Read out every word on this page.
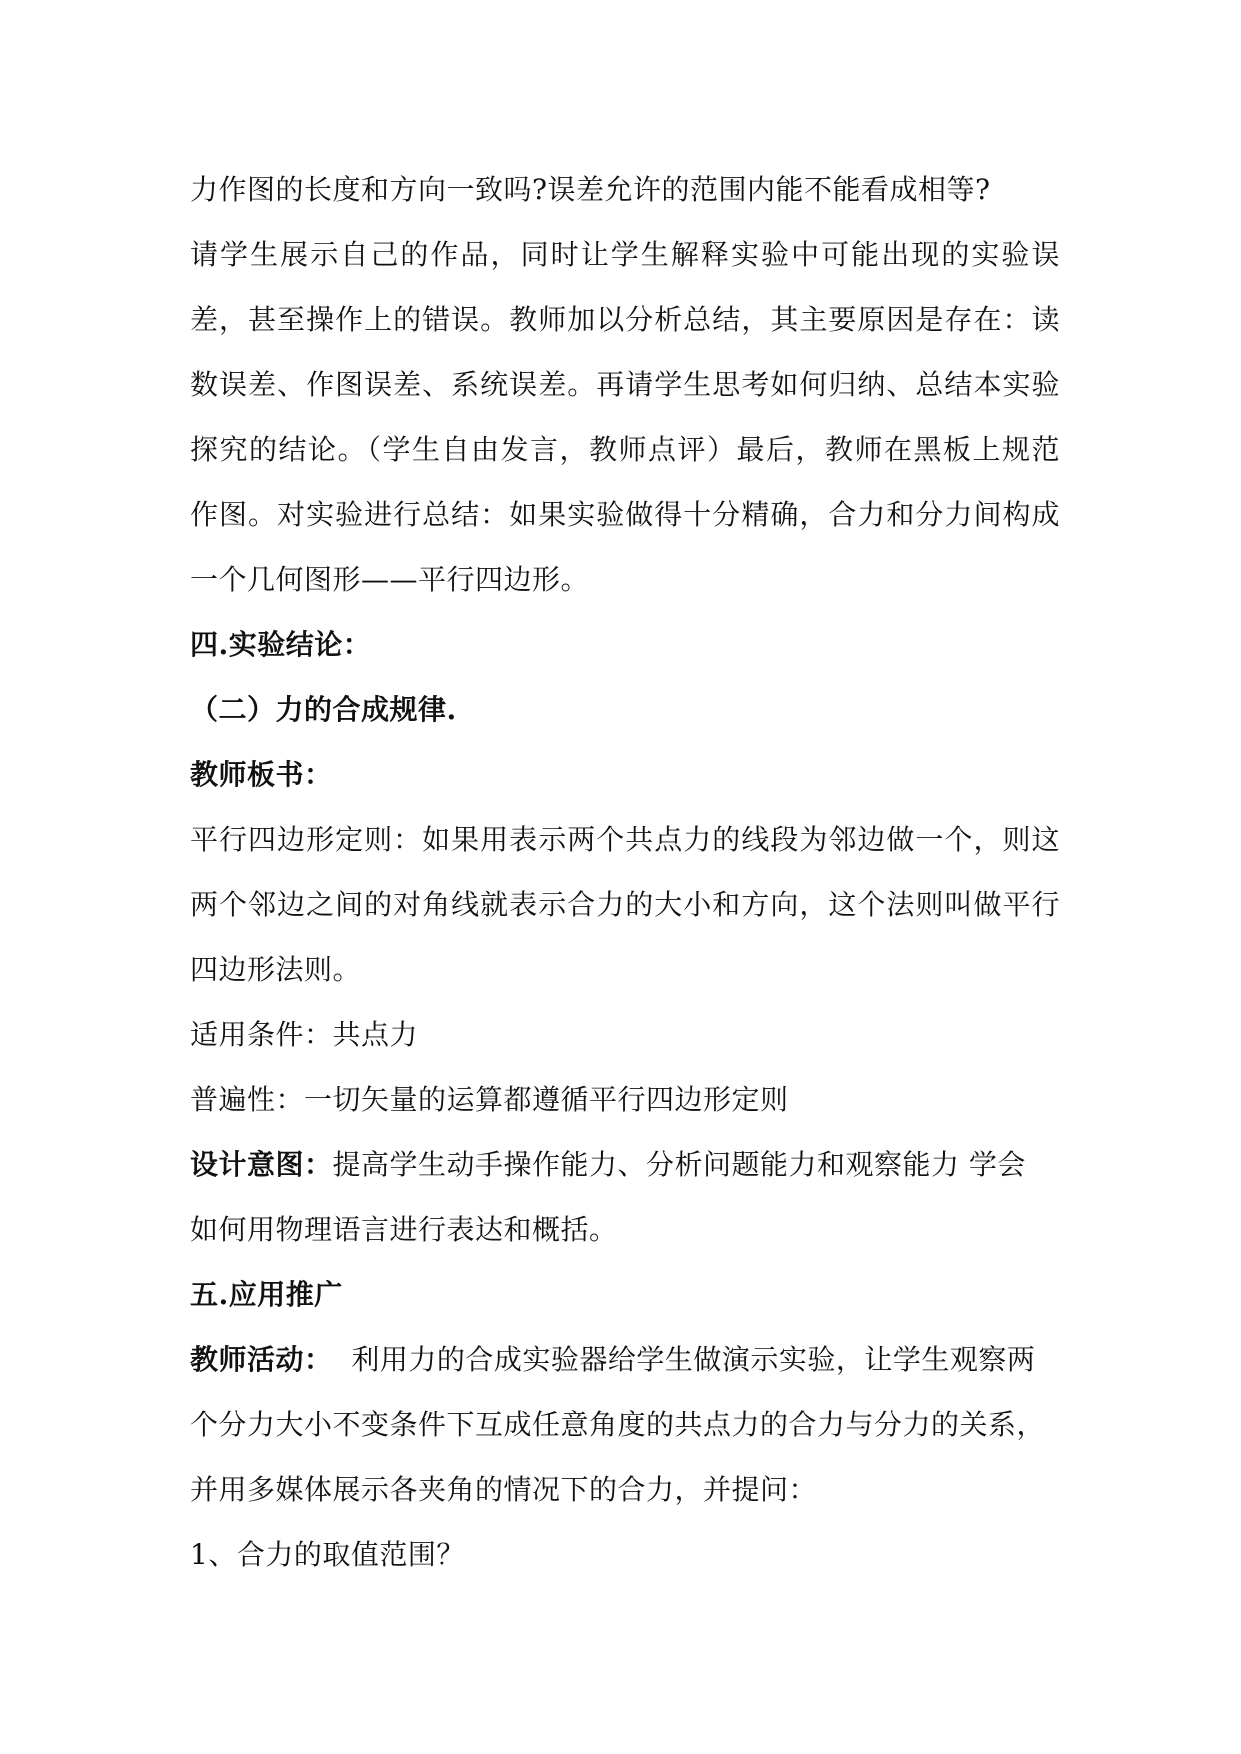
力作图的长度和方向一致吗?误差允许的范围内能不能看成相等?
请学生展示自己的作品，同时让学生解释实验中可能出现的实验误
差，甚至操作上的错误。教师加以分析总结，其主要原因是存在：读
数误差、作图误差、系统误差。再请学生思考如何归纳、总结本实验
探究的结论。（学生自由发言，教师点评）最后，教师在黑板上规范
作图。对实验进行总结：如果实验做得十分精确，合力和分力间构成
一个几何图形——平行四边形。
四.实验结论：
（二）力的合成规律.
教师板书：
平行四边形定则：如果用表示两个共点力的线段为邻边做一个，则这
两个邻边之间的对角线就表示合力的大小和方向，这个法则叫做平行
四边形法则。
适用条件：共点力
普遍性：一切矢量的运算都遵循平行四边形定则
设计意图：提高学生动手操作能力、分析问题能力和观察能力 学会
如何用物理语言进行表达和概括。
五.应用推广
教师活动：  利用力的合成实验器给学生做演示实验，让学生观察两
个分力大小不变条件下互成任意角度的共点力的合力与分力的关系，
并用多媒体展示各夹角的情况下的合力，并提问：
1、合力的取值范围？
